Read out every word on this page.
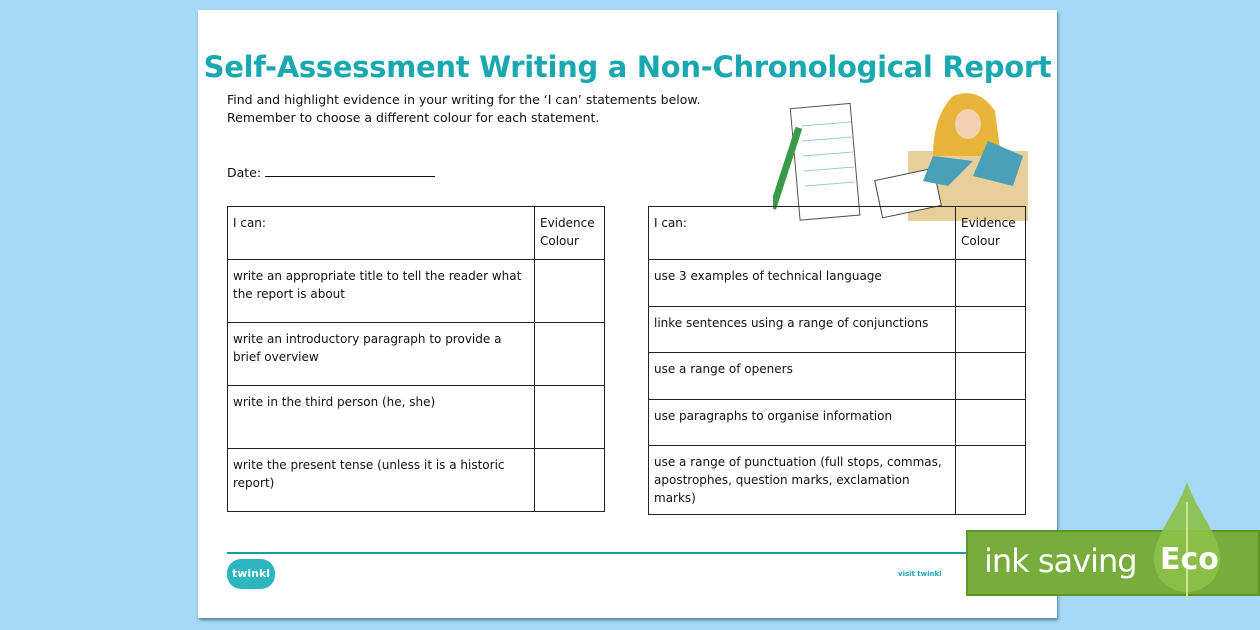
Self-Assessment Writing a Non-Chronological Report
Find and highlight evidence in your writing for the ‘I can’ statements below.
Remember to choose a different colour for each statement.
Date:
I can:	Evidence Colour
write an appropriate title to tell the reader what the report is about	
write an introductory paragraph to provide a brief overview	
write in the third person (he, she)	
write the present tense (unless it is a historic report)	
I can:	Evidence Colour
use 3 examples of technical language	
linke sentences using a range of conjunctions	
use a range of openers	
use paragraphs to organise information	
use a range of punctuation (full stops, commas, apostrophes, question marks, exclamation marks)	
twinkl	visit twinkl ink saving Eco
